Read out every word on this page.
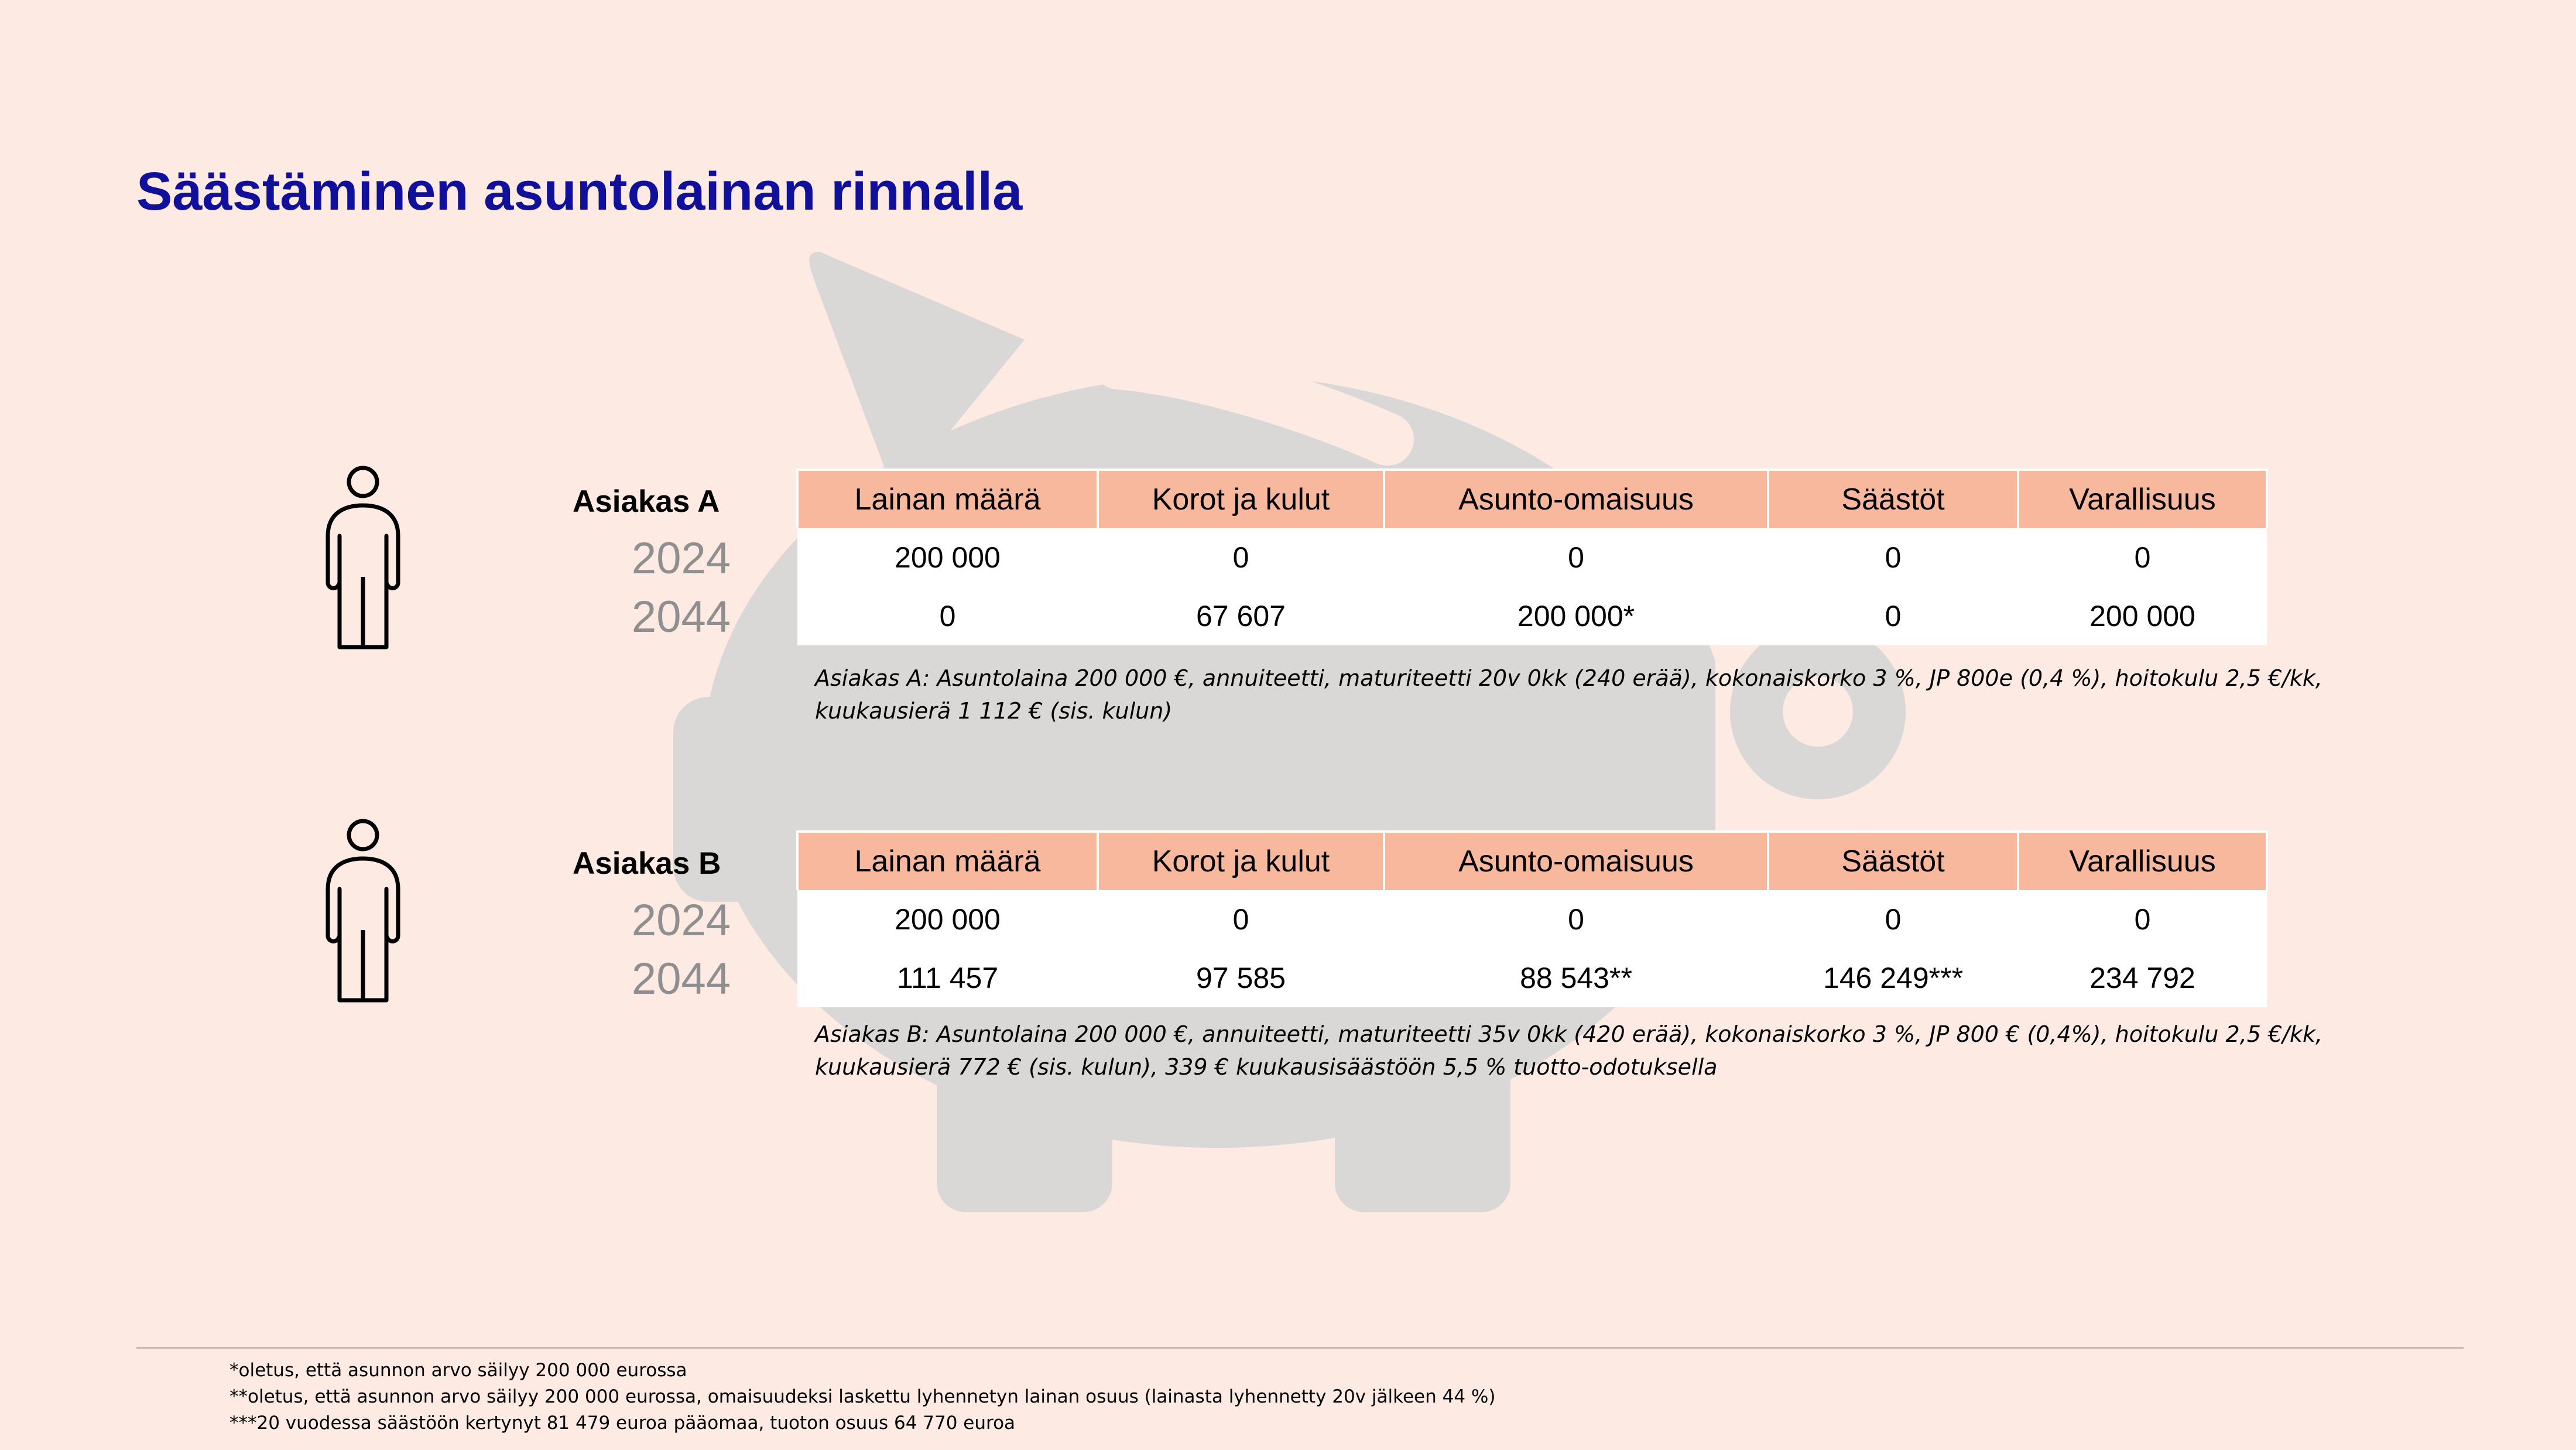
Säästäminen asuntolainan rinnalla
Asiakas A
2024
2044
Lainan määrä	Korot ja kulut	Asunto-omaisuus	Säästöt	Varallisuus
200 000	0	0	0	0
0	67 607	200 000*	0	200 000
Asiakas A: Asuntolaina 200 000 €, annuiteetti, maturiteetti 20v 0kk (240 erää), kokonaiskorko 3 %, JP 800e (0,4 %), hoitokulu 2,5 €/kk, kuukausierä 1 112 € (sis. kulun)
Asiakas B
2024
2044
Lainan määrä	Korot ja kulut	Asunto-omaisuus	Säästöt	Varallisuus
200 000	0	0	0	0
111 457	97 585	88 543**	146 249***	234 792
Asiakas B: Asuntolaina 200 000 €, annuiteetti, maturiteetti 35v 0kk (420 erää), kokonaiskorko 3 %, JP 800 € (0,4%), hoitokulu 2,5 €/kk, kuukausierä 772 € (sis. kulun), 339 € kuukausisäästöön 5,5 % tuotto-odotuksella
*oletus, että asunnon arvo säilyy 200 000 eurossa
**oletus, että asunnon arvo säilyy 200 000 eurossa, omaisuudeksi laskettu lyhennetyn lainan osuus (lainasta lyhennetty 20v jälkeen 44 %)
***20 vuodessa säästöön kertynyt 81 479 euroa pääomaa, tuoton osuus 64 770 euroa
